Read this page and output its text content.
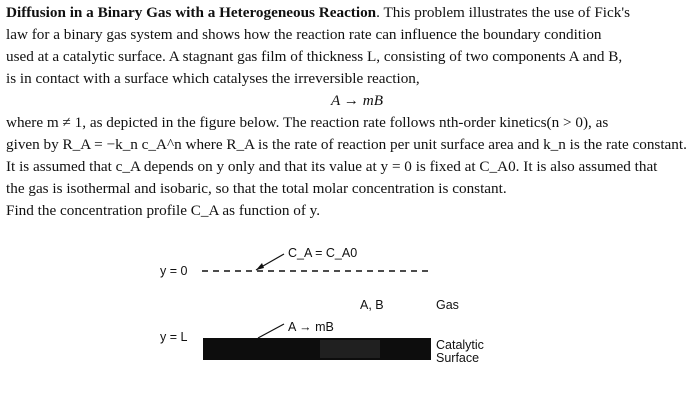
Diffusion in a Binary Gas with a Heterogeneous Reaction. This problem illustrates the use of Fick's
law for a binary gas system and shows how the reaction rate can influence the boundary condition
used at a catalytic surface. A stagnant gas film of thickness L, consisting of two components A and B,
is in contact with a surface which catalyses the irreversible reaction,
A → mB
where m ≠ 1, as depicted in the figure below. The reaction rate follows nth-order kinetics(n > 0), as
given by R_A = −k_n c_A^n where R_A is the rate of reaction per unit surface area and k_n is the rate constant.
It is assumed that c_A depends on y only and that its value at y = 0 is fixed at C_A0. It is also assumed that
the gas is isothermal and isobaric, so that the total molar concentration is constant.
Find the concentration profile C_A as function of y.
y = 0
y = L
C_A = C_A0
A, B	Gas
A → mB
Catalytic
Surface
